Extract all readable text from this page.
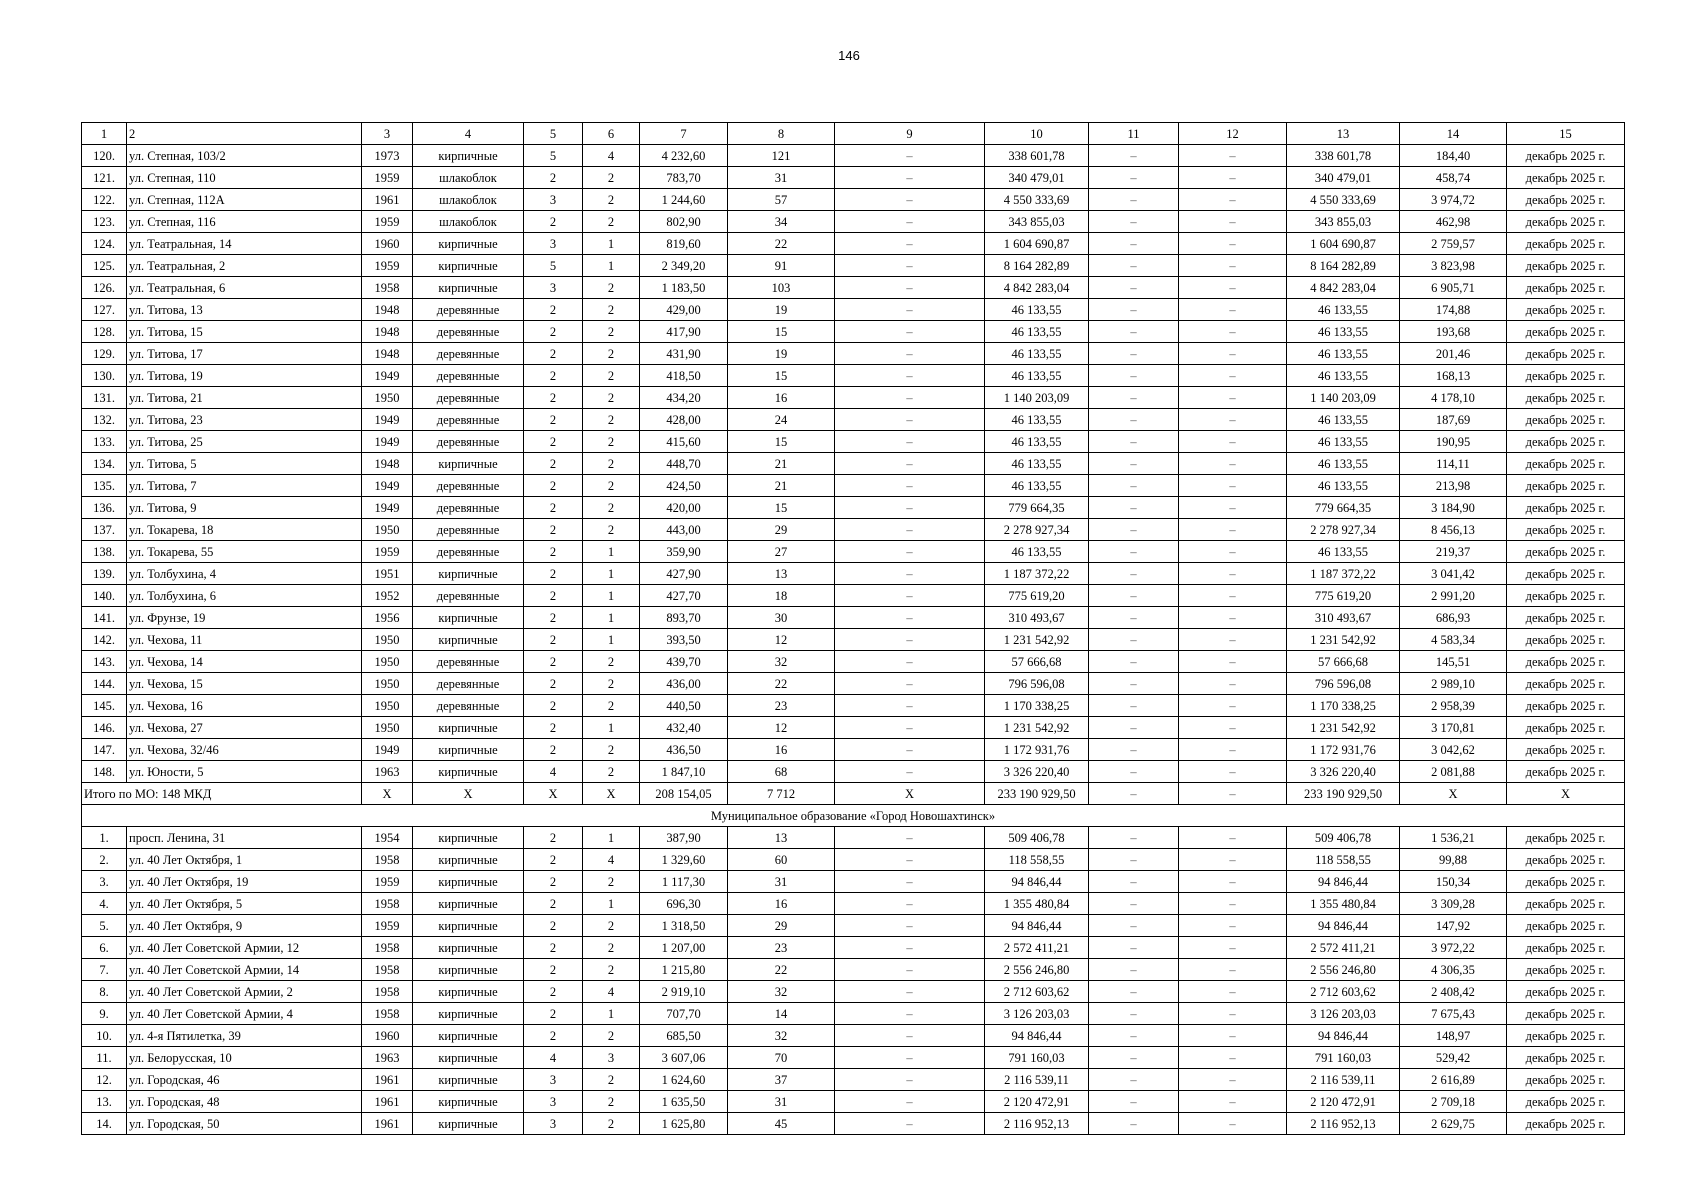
146
1	2	3	4	5	6	7	8	9	10	11	12	13	14	15
120.	ул. Степная, 103/2	1973	кирпичные	5	4	4 232,60	121	–	338 601,78	–	–	338 601,78	184,40	декабрь 2025 г.
121.	ул. Степная, 110	1959	шлакоблок	2	2	783,70	31	–	340 479,01	–	–	340 479,01	458,74	декабрь 2025 г.
122.	ул. Степная, 112А	1961	шлакоблок	3	2	1 244,60	57	–	4 550 333,69	–	–	4 550 333,69	3 974,72	декабрь 2025 г.
123.	ул. Степная, 116	1959	шлакоблок	2	2	802,90	34	–	343 855,03	–	–	343 855,03	462,98	декабрь 2025 г.
124.	ул. Театральная, 14	1960	кирпичные	3	1	819,60	22	–	1 604 690,87	–	–	1 604 690,87	2 759,57	декабрь 2025 г.
125.	ул. Театральная, 2	1959	кирпичные	5	1	2 349,20	91	–	8 164 282,89	–	–	8 164 282,89	3 823,98	декабрь 2025 г.
126.	ул. Театральная, 6	1958	кирпичные	3	2	1 183,50	103	–	4 842 283,04	–	–	4 842 283,04	6 905,71	декабрь 2025 г.
127.	ул. Титова, 13	1948	деревянные	2	2	429,00	19	–	46 133,55	–	–	46 133,55	174,88	декабрь 2025 г.
128.	ул. Титова, 15	1948	деревянные	2	2	417,90	15	–	46 133,55	–	–	46 133,55	193,68	декабрь 2025 г.
129.	ул. Титова, 17	1948	деревянные	2	2	431,90	19	–	46 133,55	–	–	46 133,55	201,46	декабрь 2025 г.
130.	ул. Титова, 19	1949	деревянные	2	2	418,50	15	–	46 133,55	–	–	46 133,55	168,13	декабрь 2025 г.
131.	ул. Титова, 21	1950	деревянные	2	2	434,20	16	–	1 140 203,09	–	–	1 140 203,09	4 178,10	декабрь 2025 г.
132.	ул. Титова, 23	1949	деревянные	2	2	428,00	24	–	46 133,55	–	–	46 133,55	187,69	декабрь 2025 г.
133.	ул. Титова, 25	1949	деревянные	2	2	415,60	15	–	46 133,55	–	–	46 133,55	190,95	декабрь 2025 г.
134.	ул. Титова, 5	1948	кирпичные	2	2	448,70	21	–	46 133,55	–	–	46 133,55	114,11	декабрь 2025 г.
135.	ул. Титова, 7	1949	деревянные	2	2	424,50	21	–	46 133,55	–	–	46 133,55	213,98	декабрь 2025 г.
136.	ул. Титова, 9	1949	деревянные	2	2	420,00	15	–	779 664,35	–	–	779 664,35	3 184,90	декабрь 2025 г.
137.	ул. Токарева, 18	1950	деревянные	2	2	443,00	29	–	2 278 927,34	–	–	2 278 927,34	8 456,13	декабрь 2025 г.
138.	ул. Токарева, 55	1959	деревянные	2	1	359,90	27	–	46 133,55	–	–	46 133,55	219,37	декабрь 2025 г.
139.	ул. Толбухина, 4	1951	кирпичные	2	1	427,90	13	–	1 187 372,22	–	–	1 187 372,22	3 041,42	декабрь 2025 г.
140.	ул. Толбухина, 6	1952	деревянные	2	1	427,70	18	–	775 619,20	–	–	775 619,20	2 991,20	декабрь 2025 г.
141.	ул. Фрунзе, 19	1956	кирпичные	2	1	893,70	30	–	310 493,67	–	–	310 493,67	686,93	декабрь 2025 г.
142.	ул. Чехова, 11	1950	кирпичные	2	1	393,50	12	–	1 231 542,92	–	–	1 231 542,92	4 583,34	декабрь 2025 г.
143.	ул. Чехова, 14	1950	деревянные	2	2	439,70	32	–	57 666,68	–	–	57 666,68	145,51	декабрь 2025 г.
144.	ул. Чехова, 15	1950	деревянные	2	2	436,00	22	–	796 596,08	–	–	796 596,08	2 989,10	декабрь 2025 г.
145.	ул. Чехова, 16	1950	деревянные	2	2	440,50	23	–	1 170 338,25	–	–	1 170 338,25	2 958,39	декабрь 2025 г.
146.	ул. Чехова, 27	1950	кирпичные	2	1	432,40	12	–	1 231 542,92	–	–	1 231 542,92	3 170,81	декабрь 2025 г.
147.	ул. Чехова, 32/46	1949	кирпичные	2	2	436,50	16	–	1 172 931,76	–	–	1 172 931,76	3 042,62	декабрь 2025 г.
148.	ул. Юности, 5	1963	кирпичные	4	2	1 847,10	68	–	3 326 220,40	–	–	3 326 220,40	2 081,88	декабрь 2025 г.
Итого по МО: 148 МКД		X	X	X	X	208 154,05	7 712	X	233 190 929,50	–	–	233 190 929,50	X	X
Муниципальное образование «Город Новошахтинск»														
1.	просп. Ленина, 31	1954	кирпичные	2	1	387,90	13	–	509 406,78	–	–	509 406,78	1 536,21	декабрь 2025 г.
2.	ул. 40 Лет Октября, 1	1958	кирпичные	2	4	1 329,60	60	–	118 558,55	–	–	118 558,55	99,88	декабрь 2025 г.
3.	ул. 40 Лет Октября, 19	1959	кирпичные	2	2	1 117,30	31	–	94 846,44	–	–	94 846,44	150,34	декабрь 2025 г.
4.	ул. 40 Лет Октября, 5	1958	кирпичные	2	1	696,30	16	–	1 355 480,84	–	–	1 355 480,84	3 309,28	декабрь 2025 г.
5.	ул. 40 Лет Октября, 9	1959	кирпичные	2	2	1 318,50	29	–	94 846,44	–	–	94 846,44	147,92	декабрь 2025 г.
6.	ул. 40 Лет Советской Армии, 12	1958	кирпичные	2	2	1 207,00	23	–	2 572 411,21	–	–	2 572 411,21	3 972,22	декабрь 2025 г.
7.	ул. 40 Лет Советской Армии, 14	1958	кирпичные	2	2	1 215,80	22	–	2 556 246,80	–	–	2 556 246,80	4 306,35	декабрь 2025 г.
8.	ул. 40 Лет Советской Армии, 2	1958	кирпичные	2	4	2 919,10	32	–	2 712 603,62	–	–	2 712 603,62	2 408,42	декабрь 2025 г.
9.	ул. 40 Лет Советской Армии, 4	1958	кирпичные	2	1	707,70	14	–	3 126 203,03	–	–	3 126 203,03	7 675,43	декабрь 2025 г.
10.	ул. 4-я Пятилетка, 39	1960	кирпичные	2	2	685,50	32	–	94 846,44	–	–	94 846,44	148,97	декабрь 2025 г.
11.	ул. Белорусская, 10	1963	кирпичные	4	3	3 607,06	70	–	791 160,03	–	–	791 160,03	529,42	декабрь 2025 г.
12.	ул. Городская, 46	1961	кирпичные	3	2	1 624,60	37	–	2 116 539,11	–	–	2 116 539,11	2 616,89	декабрь 2025 г.
13.	ул. Городская, 48	1961	кирпичные	3	2	1 635,50	31	–	2 120 472,91	–	–	2 120 472,91	2 709,18	декабрь 2025 г.
14.	ул. Городская, 50	1961	кирпичные	3	2	1 625,80	45	–	2 116 952,13	–	–	2 116 952,13	2 629,75	декабрь 2025 г.
